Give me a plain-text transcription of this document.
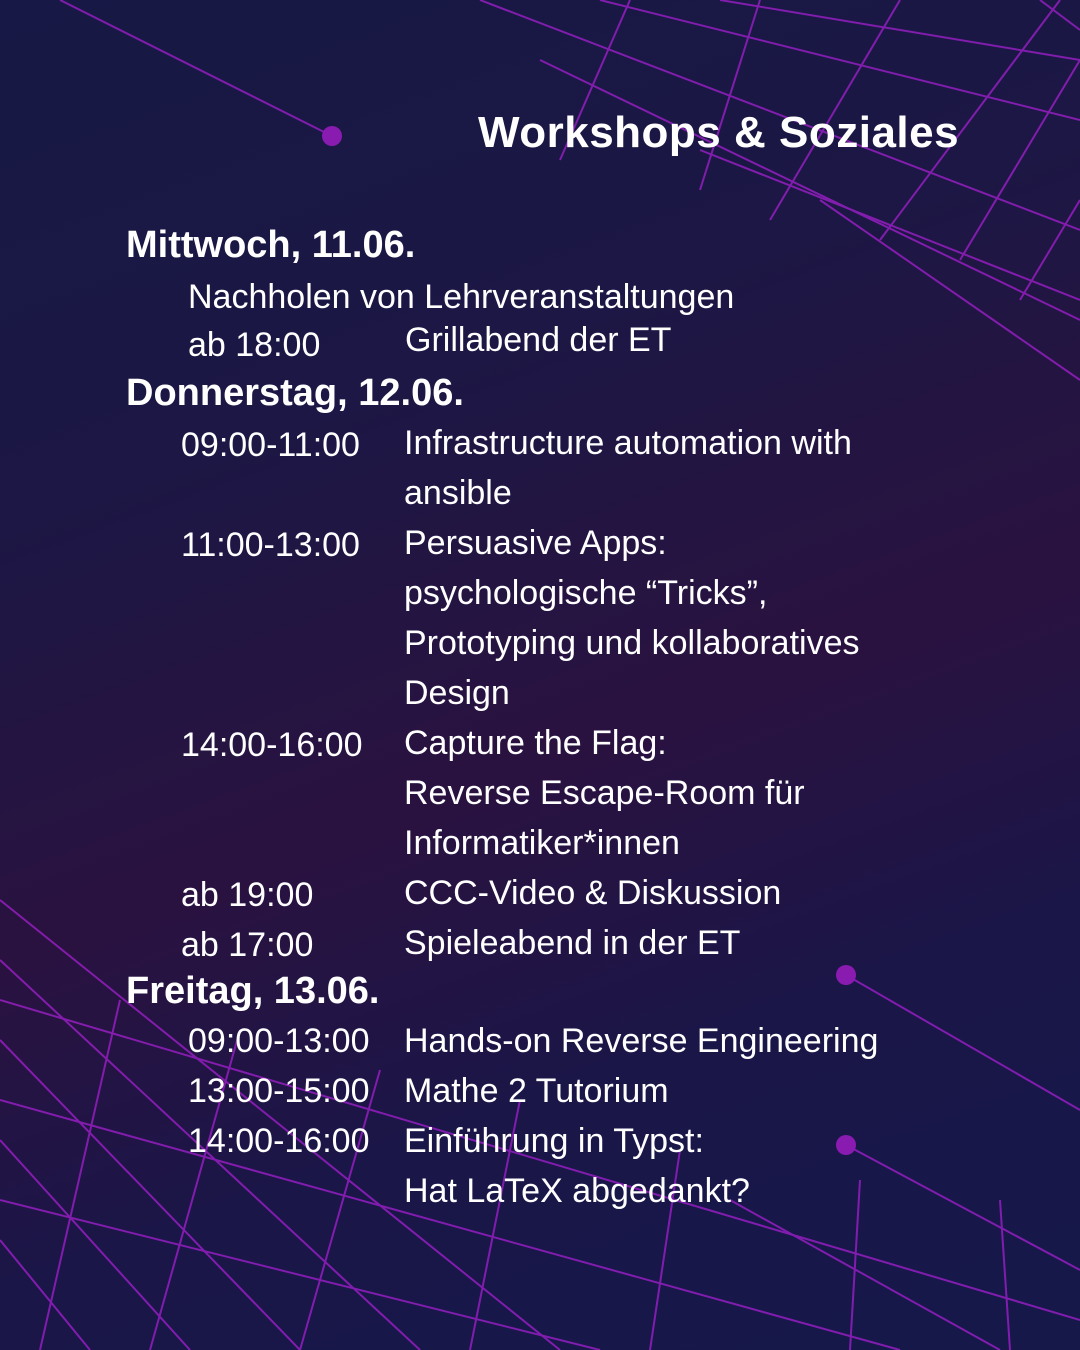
Workshops & Soziales
Mittwoch, 11.06.
Nachholen von Lehrveranstaltungen
ab 18:00 Grillabend der ET
Donnerstag, 12.06.
09:00-11:00 Infrastructure automation with
ansible
11:00-13:00 Persuasive Apps:
psychologische “Tricks”,
Prototyping und kollaboratives
Design
14:00-16:00 Capture the Flag:
Reverse Escape-Room für
Informatiker*innen
ab 19:00	CCC-Video & Diskussion
ab 17:00	Spieleabend in der ET
Freitag, 13.06.
09:00-13:00 Hands-on Reverse Engineering
13:00-15:00 Mathe 2 Tutorium
14:00-16:00 Einführung in Typst:
Hat LaTeX abgedankt?
